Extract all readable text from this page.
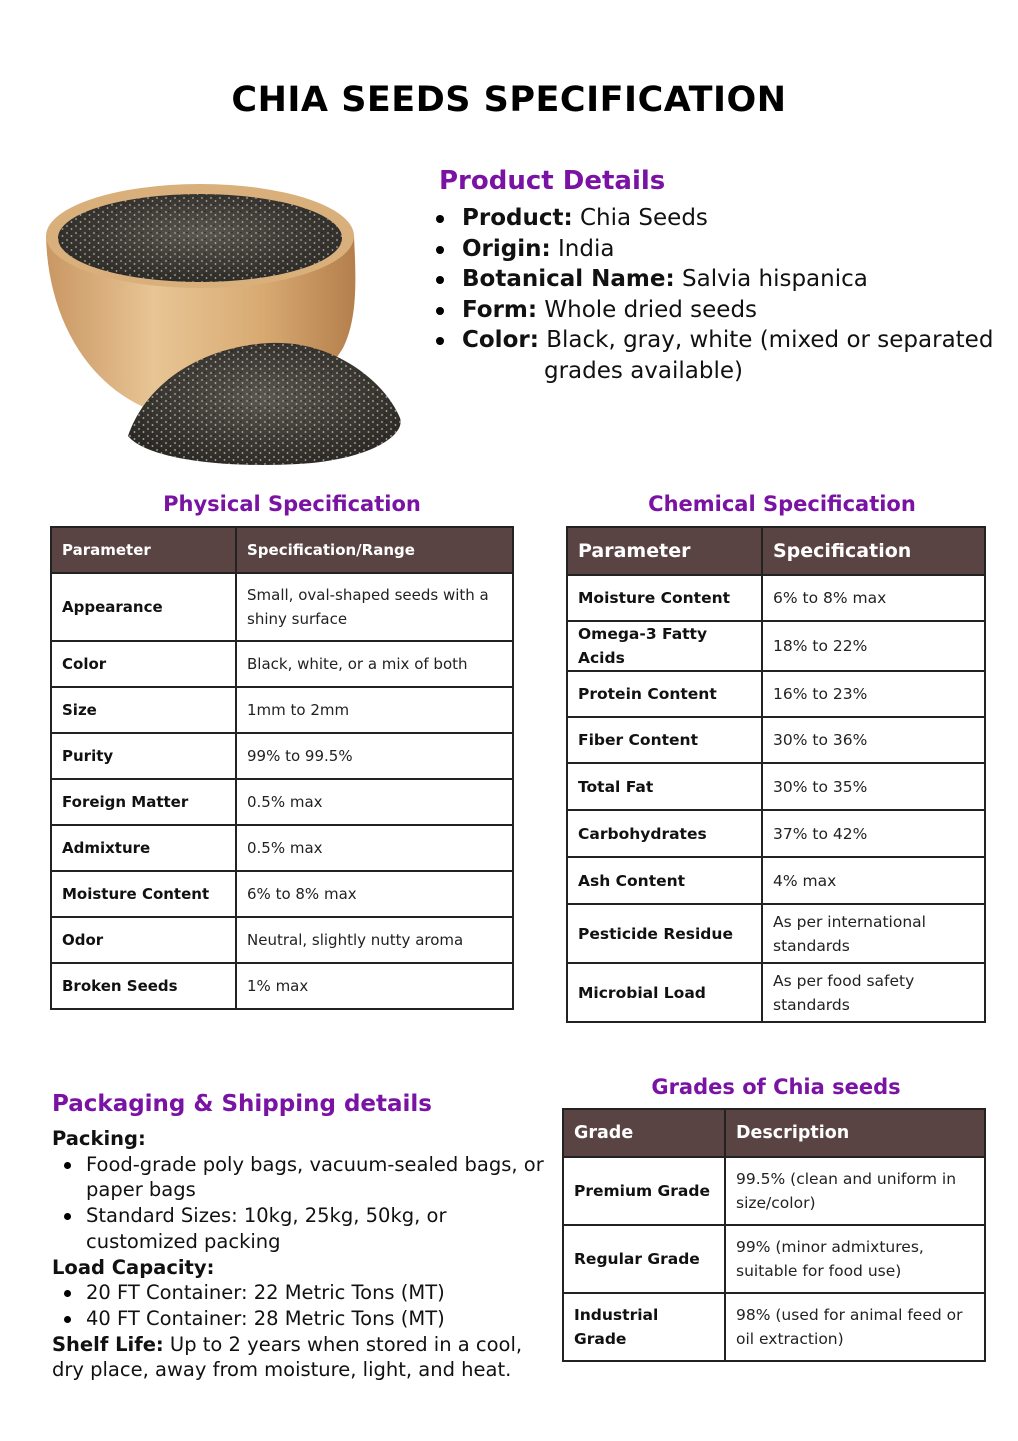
CHIA SEEDS SPECIFICATION
Product Details
Product: Chia Seeds
Origin: India
Botanical Name: Salvia hispanica
Form: Whole dried seeds
Color: Black, gray, white (mixed or separated
grades available)
Physical Specification
Parameter	Specification/Range
Appearance	Small, oval-shaped seeds with a shiny surface
Color	Black, white, or a mix of both
Size	1mm to 2mm
Purity	99% to 99.5%
Foreign Matter	0.5% max
Admixture	0.5% max
Moisture Content	6% to 8% max
Odor	Neutral, slightly nutty aroma
Broken Seeds	1% max
Chemical Specification
Parameter	Specification
Moisture Content	6% to 8% max
Omega-3 Fatty Acids	18% to 22%
Protein Content	16% to 23%
Fiber Content	30% to 36%
Total Fat	30% to 35%
Carbohydrates	37% to 42%
Ash Content	4% max
Pesticide Residue	As per international standards
Microbial Load	As per food safety standards
Packaging & Shipping details
Packing:
Food-grade poly bags, vacuum-sealed bags, or paper bags
Standard Sizes: 10kg, 25kg, 50kg, or customized packing
Load Capacity:
20 FT Container: 22 Metric Tons (MT)
40 FT Container: 28 Metric Tons (MT)
Shelf Life: Up to 2 years when stored in a cool, dry place, away from moisture, light, and heat.
Grades of Chia seeds
Grade	Description
Premium Grade	99.5% (clean and uniform in size/color)
Regular Grade	99% (minor admixtures, suitable for food use)
Industrial Grade	98% (used for animal feed or oil extraction)
